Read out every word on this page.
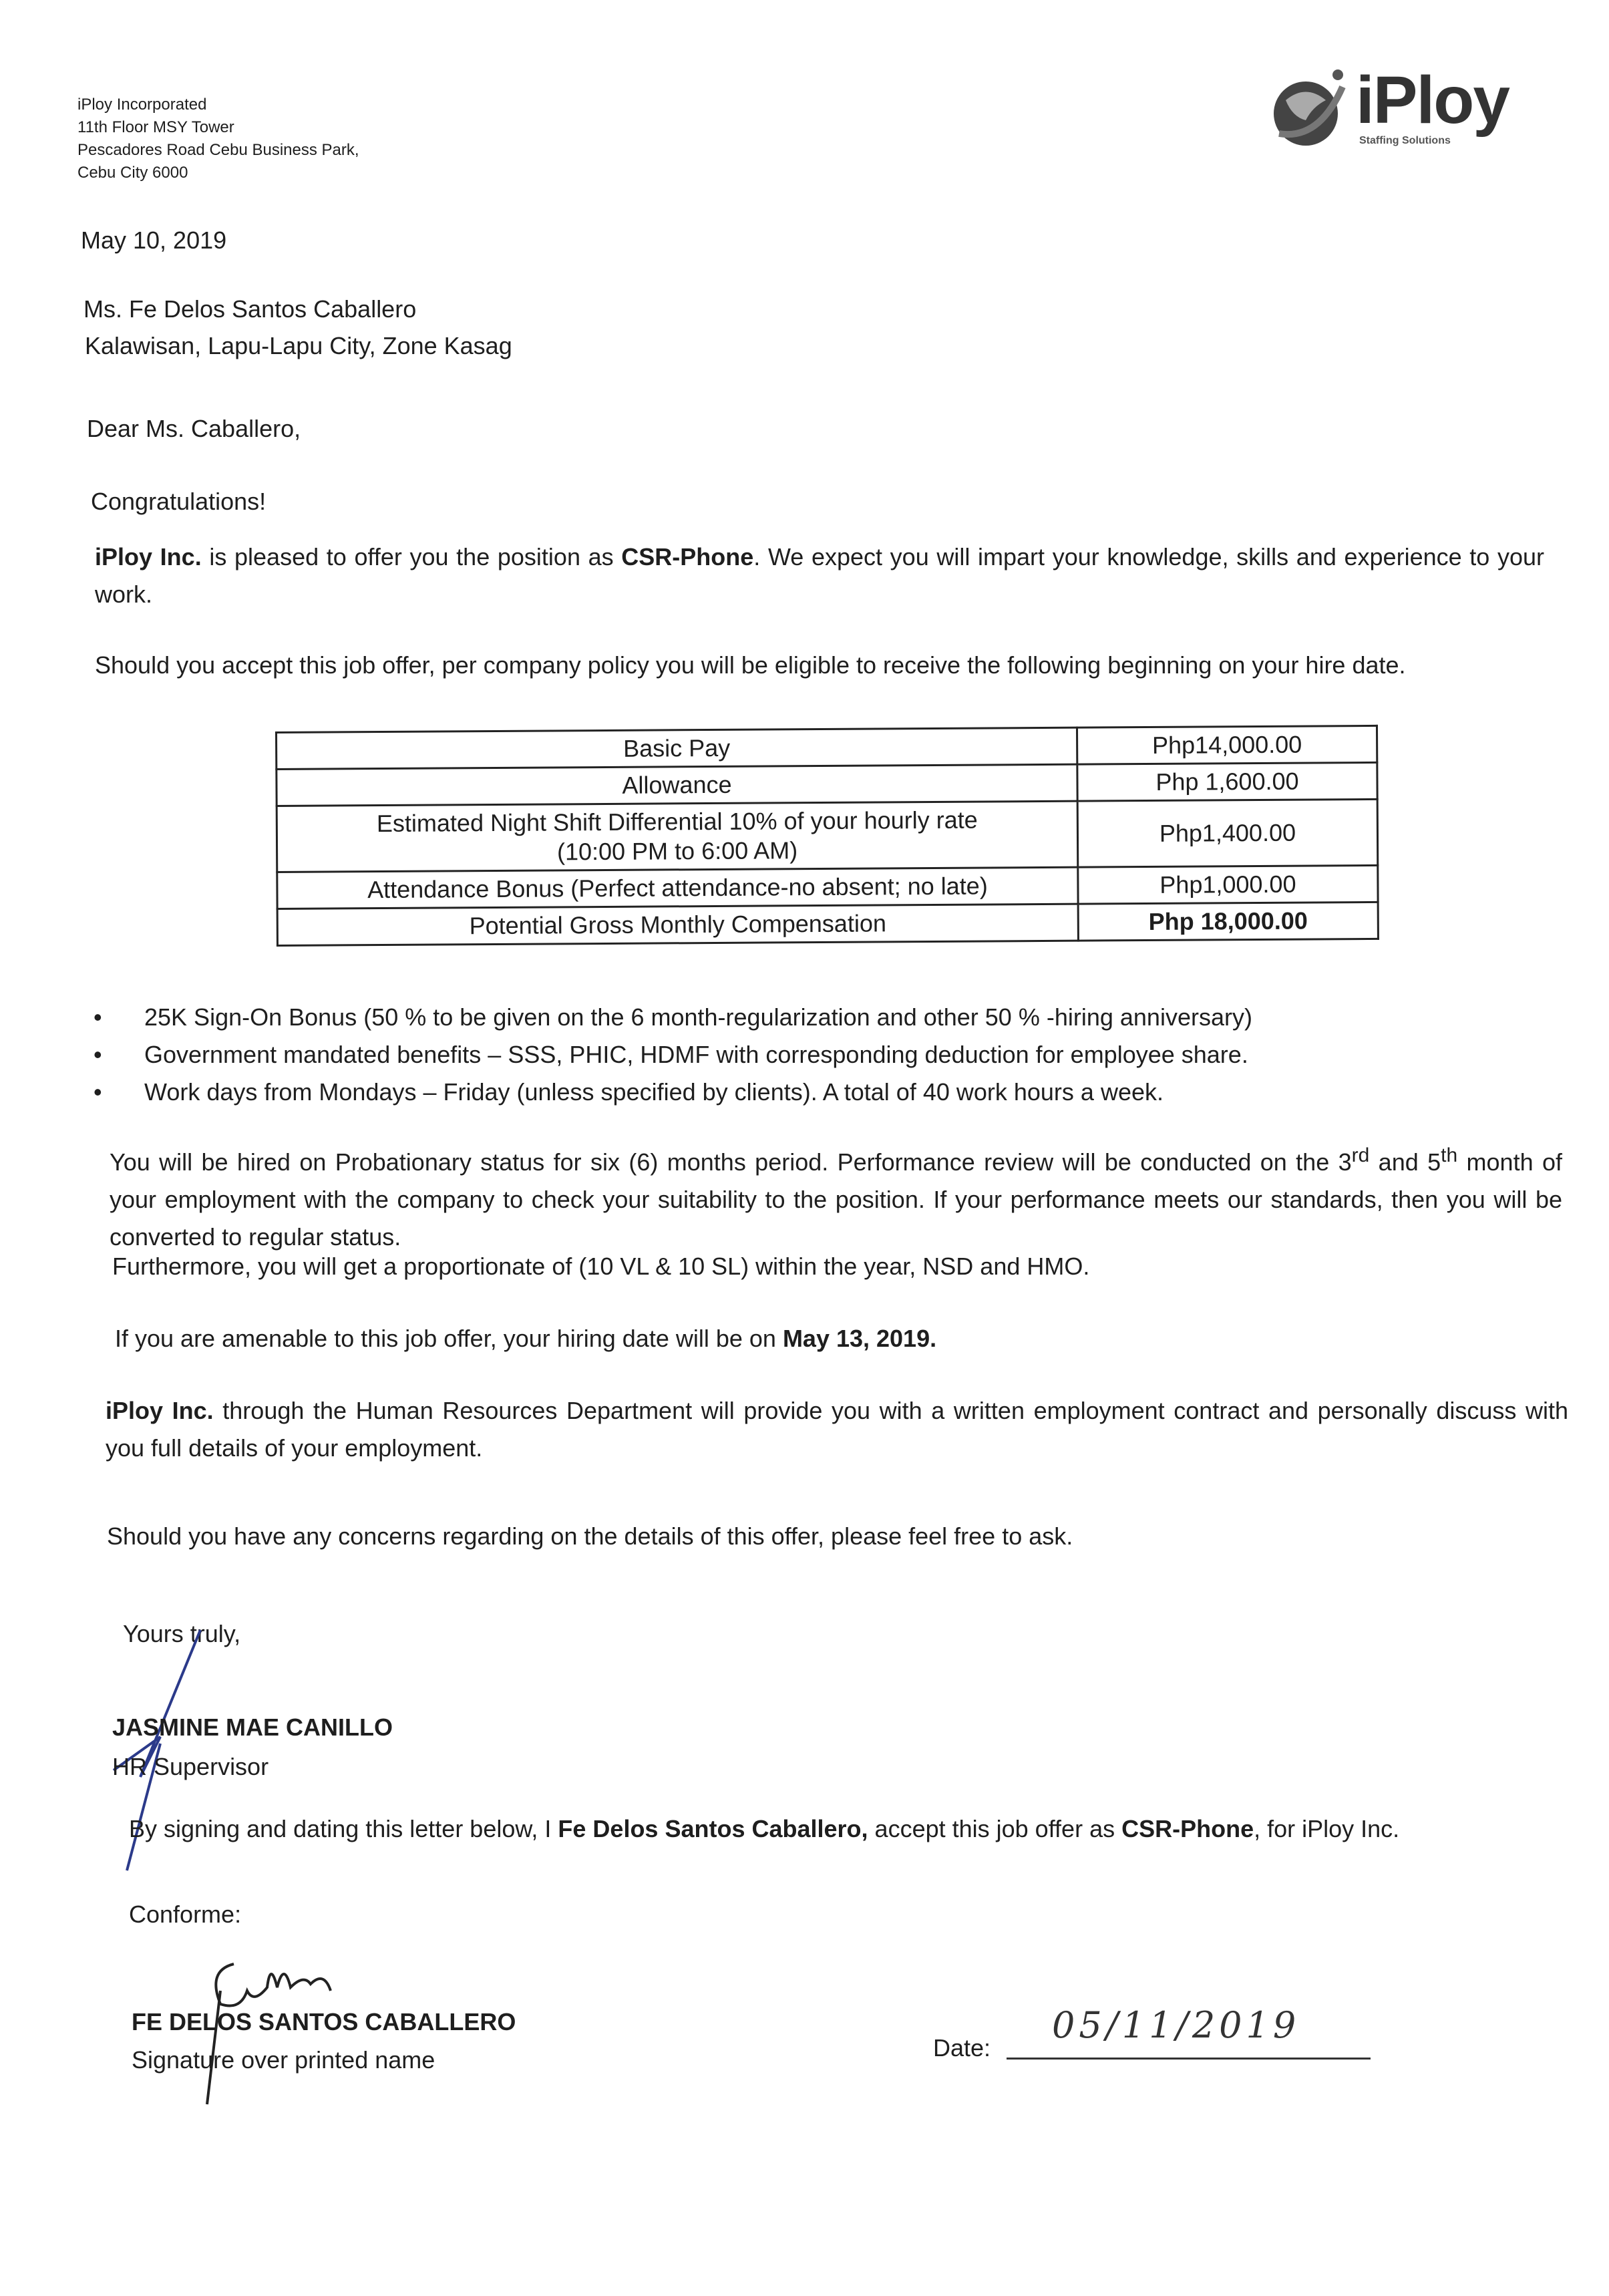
iPloy Incorporated
11th Floor MSY Tower
Pescadores Road Cebu Business Park,
Cebu City 6000
iPloy
Staffing Solutions
May 10, 2019
Ms. Fe Delos Santos Caballero
Kalawisan, Lapu-Lapu City, Zone Kasag
Dear Ms. Caballero,
Congratulations!
iPloy Inc. is pleased to offer you the position as CSR-Phone. We expect you will impart your knowledge, skills and experience to your work.
Should you accept this job offer, per company policy you will be eligible to receive the following beginning on your hire date.
Basic Pay	Php14,000.00
Allowance	Php 1,600.00

Estimated Night Shift Differential 10% of your hourly rate
(10:00 PM to 6:00 AM)	Php1,400.00
Attendance Bonus (Perfect attendance-no absent; no late)	Php1,000.00
Potential Gross Monthly Compensation	Php 18,000.00
• 25K Sign-On Bonus (50 % to be given on the 6 month-regularization and other 50 % -hiring anniversary)
• Government mandated benefits – SSS, PHIC, HDMF with corresponding deduction for employee share.
• Work days from Mondays – Friday (unless specified by clients). A total of 40 work hours a week.
You will be hired on Probationary status for six (6) months period. Performance review will be conducted on the 3rd and 5th month of your employment with the company to check your suitability to the position. If your performance meets our standards, then you will be converted to regular status.
Furthermore, you will get a proportionate of (10 VL & 10 SL) within the year, NSD and HMO.
If you are amenable to this job offer, your hiring date will be on May 13, 2019.
iPloy Inc. through the Human Resources Department will provide you with a written employment contract and personally discuss with you full details of your employment.
Should you have any concerns regarding on the details of this offer, please feel free to ask.
Yours truly,
JASMINE MAE CANILLO
HR Supervisor
By signing and dating this letter below, I Fe Delos Santos Caballero, accept this job offer as CSR-Phone, for iPloy Inc.
Conforme:
FE DELOS SANTOS CABALLERO
Signature over printed name	Date:
05/11/2019
